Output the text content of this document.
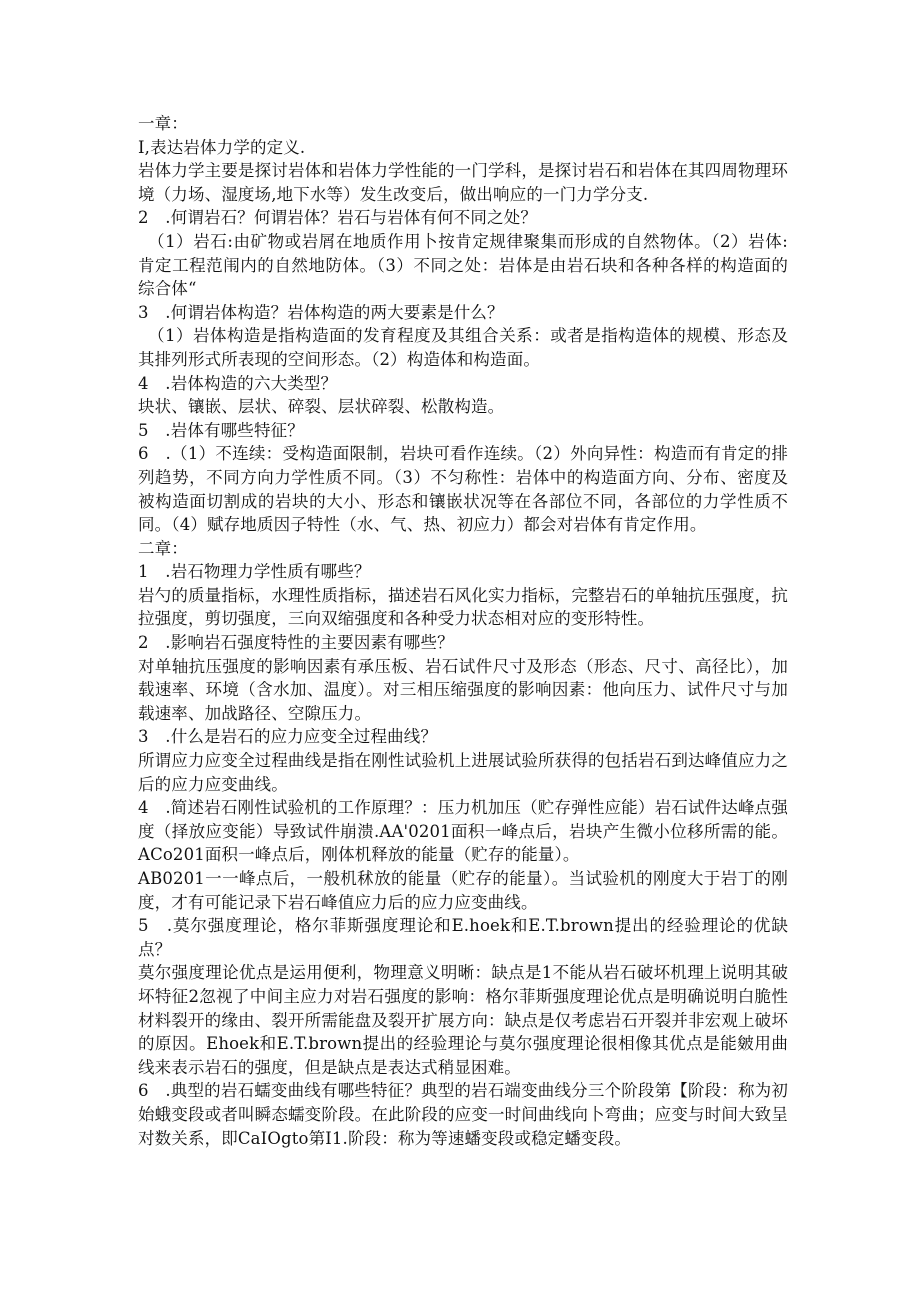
一章：

I,表达岩体力学的定义.

岩体力学主要是探讨岩体和岩体力学性能的一门学科，是探讨岩石和岩体在其四周物理环境（力场、湿度场,地下水等）发生改变后，做出响应的一门力学分支.

2　.何谓岩石？何谓岩体？岩石与岩体有何不同之处？

（1）岩石:由矿物或岩屑在地质作用卜按肯定规律聚集而形成的自然物体。（2）岩体:肯定工程范闱内的自然地防体。（3）不同之处：岩体是由岩石块和各种各样的构造面的综合体“

3　.何谓岩体构造？岩体构造的两大要素是什么？

（1）岩体构造是指构造面的发育程度及其组合关系：或者是指构造体的规模、形态及其排列形式所表现的空间形态。（2）构造体和构造面。

4　.岩体构造的六大类型？

块状、镶嵌、层状、碎裂、层状碎裂、松散构造。

5　.岩体有哪些特征？

6　.（1）不连续：受构造面限制，岩块可看作连续。（2）外向异性：构造而有肯定的排列趋势，不同方向力学性质不同。（3）不匀称性：岩体中的构造面方向、分布、密度及被构造面切割成的岩块的大小、形态和镶嵌状况等在各部位不同，各部位的力学性质不同。（4）赋存地质因子特性（水、气、热、初应力）都会对岩体有肯定作用。

二章：

1　.岩石物理力学性质有哪些？

岩勺的质量指标，水理性质指标，描述岩石风化实力指标，完整岩石的单轴抗压强度，抗拉强度，剪切强度，三向双缩强度和各种受力状态相对应的变形特性。

2　.影响岩石强度特性的主要因素有哪些？

对单轴抗压强度的影响因素有承压板、岩石试件尺寸及形态（形态、尺寸、高径比），加载速率、环境（含水加、温度）。对三相压缩强度的影响因素：他向压力、试件尺寸与加载速率、加战路径、空隙压力。

3　.什么是岩石的应力应变全过程曲线？

所谓应力应变全过程曲线是指在刚性试验机上进展试验所获得的包括岩石到达峰值应力之后的应力应变曲线。

4　.简述岩石刚性试验机的工作原理？：压力机加压（贮存弹性应能）岩石试件达峰点强度（择放应变能）导致试件崩溃.AA'0201面积一峰点后，岩块产生微小位移所需的能。ACo201面积一峰点后，刚体机释放的能量（贮存的能量）。

AB0201一一峰点后，一般机秫放的能量（贮存的能量）。当试验机的刚度大于岩丁的刚度，才有可能记录下岩石峰值应力后的应力应变曲线。

5　.莫尔强度理论，格尔菲斯强度理论和E.hoek和E.T.brown提出的经验理论的优缺点？

莫尔强度理论优点是运用便利，物理意义明晰：缺点是1不能从岩石破坏机理上说明其破坏特征2忽视了中间主应力对岩石强度的影响：格尔菲斯强度理论优点是明确说明白脆性材料裂开的缘由、裂开所需能盘及裂开扩展方向：缺点是仅考虑岩石开裂并非宏观上破坏的原因。Ehoek和E.T.brown提出的经验理论与莫尔强度理论很相像其优点是能皴用曲线来表示岩石的强度，但是缺点是表达式稍显困难。

6　.典型的岩石蠕变曲线有哪些特征？典型的岩石端变曲线分三个阶段第【阶段：称为初始蛾变段或者叫瞬态蠕变阶段。在此阶段的应变一时间曲线向卜弯曲；应变与时间大致呈对数关系，即CaIOgto第I1.阶段：称为等速蟠变段或稳定蟠变段。
